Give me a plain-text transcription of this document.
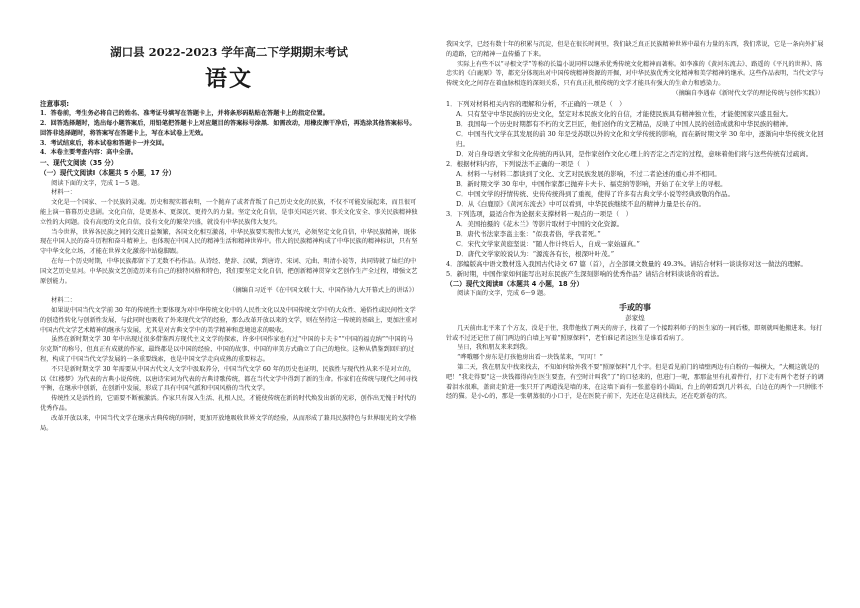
湖口县 2022-2023 学年高二下学期期末考试

语文

注意事项:

1．答卷前，考生务必将自己的姓名、准考证号填写在答题卡上，并将条形码粘贴在答题卡上的指定位置。

2．回答选择题时，选出每小题答案后，用铅笔把答题卡上对应题目的答案标号涂黑．如需改动，用橡皮擦干净后，再选涂其他答案标号。回答非选择题时，将答案写在答题卡上，写在本试卷上无效。

3．考试结束后，将本试卷和答题卡一并交回。

4．本卷主要考查内容：高中全册。

一、现代文阅读（35 分）

（一）现代文阅读Ⅰ（本题共 5 小题，17 分）

阅读下面的文字，完成 1～5 题。

材料一：

文化是一个国家、一个民族的灵魂。历史和现实都表明，一个抛弃了或者背叛了自己历史文化的民族，不仅不可能发展起来，而且很可能上演一幕幕历史悲剧。文化自信，是更基本、更深沉、更持久的力量。坚定文化自信，是事关国运兴衰、事关文化安全、事关民族精神独立性的大问题。没有高度的文化自信，没有文化的繁荣兴盛，就没有中华民族伟大复兴。

当今世界，世界各民族之间的交流日益频繁，各国文化相互激荡，中华民族要实现伟大复兴，必须坚定文化自信，中华民族精神，既体现在中国人民的奋斗历程和奋斗精神上，也体现在中国人民的精神生活和精神世界中。伟大的民族精神构成了中华民族的精神标识，只有坚守中华文化立场，才能在世界文化激荡中站稳脚跟。

在每一个历史时期，中华民族都留下了无数不朽作品。从诗经、楚辞、汉赋，到唐诗、宋词、元曲、明清小说等，共同铸就了灿烂的中国文艺历史星河。中华民族文艺创造历来有自己的独特风格和特色，我们要坚定文化自信，把创新精神贯穿文艺创作生产全过程，增强文艺原创能力。

（摘编自习近平《在中国文联十大、中国作协九大开幕式上的讲话》）

材料二：

如果说中国当代文学前 30 年的传统性主要体现为对中华传统文化中的人民性文化以及中国传统文学中的大众性、通俗性或民间性文学的创造性转化与创新性发展，与此同时也吸收了外来现代文学的经验，那么改革开放以来的文学，则在坚持这一传统的基础上，更加注重对中国古代文学艺术精神的继承与发展，尤其是对古典文学中的美学精神和意境追求的吸收。

虽然在新时期文学 30 年中出现过很多借鉴西方现代主义文学的探索，许多中国作家也有过“中国的卡夫卡”“中国的福克纳”“中国的马尔克斯”的称号，但真正有成就的作家，最终都是以中国的经验、中国的故事、中国的审美方式确立了自己的地位。这种从借鉴到回归的过程，构成了中国当代文学发展的一条重要线索，也是中国文学走向成熟的重要标志。

不只是新时期文学 30 年需要从中国古代文人文学中汲取养分，中国当代文学 60 年的历史也证明，民族性与现代性从来不是对立的，以《红楼梦》为代表的古典小说传统、以唐诗宋词为代表的古典诗歌传统，都在当代文学中得到了新的生命。作家们在传统与现代之间寻找平衡，在继承中创新，在创新中发展，形成了具有中国气派和中国风格的当代文学。

传统性又是活性的，它需要不断被激活。作家只有深入生活、扎根人民，才能使传统在新的时代焕发出新的光彩，创作出无愧于时代的优秀作品。

改革开放以来，中国当代文学在继承古典传统的同时，更加开放地吸收世界文学的经验，从而形成了兼具民族特色与世界眼光的文学格局。

我国文学，已经有数十年的积累与沉淀，但是在很长时间里，我们缺乏真正民族精神世界中最有力量的东西，我们常说，它是一条向外扩展的道路，它的精神一直传播了下来。

实际上有些不以“寻根文学”等称的长篇小说同样以继承优秀传统文化精神而著称。如李准的《黄河东流去》、路遥的《平凡的世界》、陈忠实的《白鹿原》等，都充分体现出对中国传统精神资源的开掘，对中华民族优秀文化精神和美学精神的继承。这些作品表明，当代文学与传统文化之间存在着血脉相连的深刻关系，只有真正扎根传统的文学才能具有强大的生命力和感染力。

（摘编自李遇春《新时代文学的理论传统与创作实践》）

1．下列对材料相关内容的理解和分析，不正确的一项是（　）

A．只有坚守中华民族的历史文化，坚定对本民族文化的自信，才能使民族具有精神独立性，才能使国家兴盛且强大。

B．我国每一个历史时期都有不朽的文艺巨匠，他们创作的文艺精品，反映了中国人民的创造成就和中华民族的精神。

C．中国当代文学在其发展的前 30 年是受苏联以外的文化和文学传统的影响，而在新时期文学 30 年中，逐渐向中华传统文化回归。

D．对自身母语文学和文化传统的再认同，是作家创作文化心理上的否定之否定的过程，意味着他们将与这些传统有过疏离。

2．根据材料内容，下列说法不正确的一项是（　）

A．材料一与材料二都谈到了文化、文艺对民族发展的影响，不过二者论述的重心并不相同。

B．新时期文学 30 年中，中国作家都已抛弃卡夫卡、福克纳等影响，开始了在文学上的寻根。

C．中国文学的抒情传统、史传传统得到了重视，使得了许多有古典文学小说等经典致敬的作品。

D．从《白鹿原》《黄河东流去》中可以看到，中华民族继续不息的精神力量是长存的。

3．下列选项，最适合作为论据来支撑材料一观点的一项是（　）

A．美国拍摄的《花木兰》等影片取材于中国的文化资源。

B．唐代书法家李邕主张：“似我者俗，学我者死。”

C．宋代文学家黄庭坚说：“随人作计终后人，自成一家始逼真。”

D．唐代文学家皎说认为：“源流各有长，根深叶叶茂。”

4．部编版高中语文教材选入我国古代诗文 67 篇（首），占全部课文数量的 49.3%。请结合材料一谈谈你对这一做法的理解。

5．新时期，中国作家如何能写出对东民族产生深刻影响的优秀作品？请结合材料谈谈你的看法。

（二）现代文阅读Ⅱ（本题共 4 小题，18 分）

阅读下面的文字，完成 6～9 题。

手或的事

彭家煌

几天前由北平来了个方友，没是于住，我带他找了两天的房子，找着了一个接踪料师子的医生家的一间后楼，即刻就叫他搬进来。每打针或不过还记住了前门两边的白墙上写着“照原保料”，老怕谁记者这医生是谁看看病了。

呈日，我和朋友来来到我。

“哗哦哪个房东是打孩他房出看一块钱菜来，“叮叮！”

第二天，我在朋友中找来找去，不知如何给外我不要“照原保料”几个字。但是看见前门的墙壁两边有白粉的一幅横大，“大概这就是的吧！”我走得要“这一块钱都得向生医生要查，有空时计叫我“了”的口径来的，但进门一呢，那那盆里有扎着件行，打下走有两个老伢子的调着泪水很难，盖窗走阶进一张只开了两道浅是墙的来，在这墙下面有一张蓝卷的小圆面，台上的朝看到几片料衣，白边在的两个一只肿胀不经的猫。是小心的，那是一张朝蒸很的小口于，是在医院子前下，先还在是这前找去，还在吃新卷的宫。
